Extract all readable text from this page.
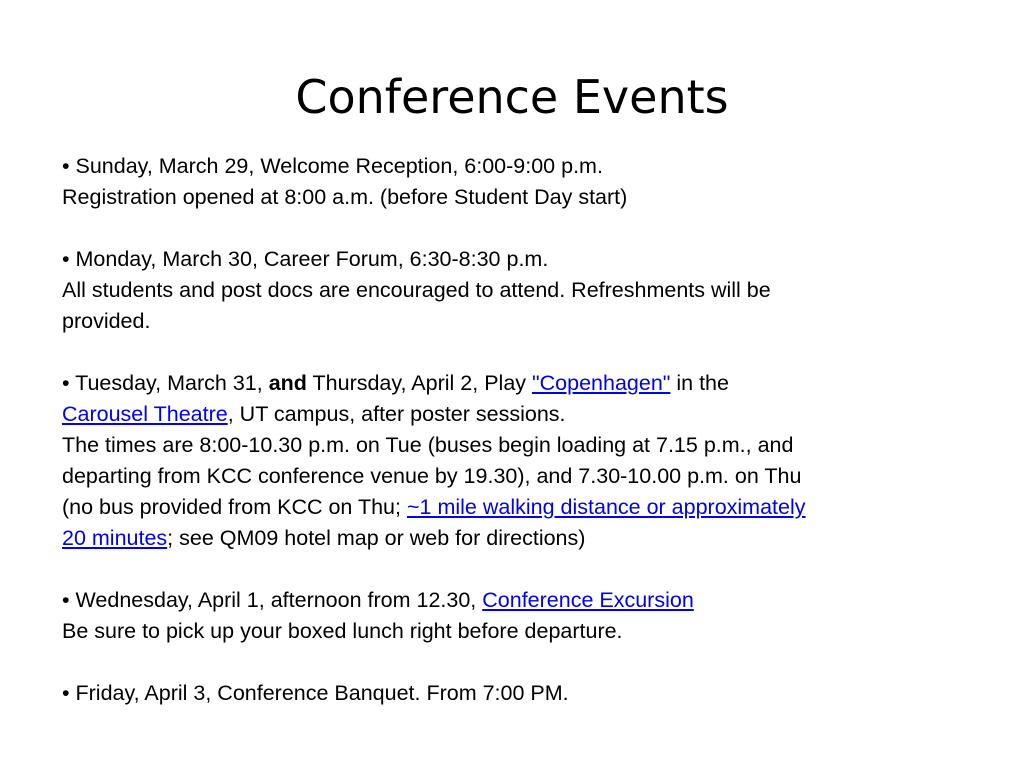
Conference Events
• Sunday, March 29, Welcome Reception, 6:00-9:00 p.m.
Registration opened at 8:00 a.m. (before Student Day start)
• Monday, March 30, Career Forum, 6:30-8:30 p.m.
All students and post docs are encouraged to attend. Refreshments will be
provided.
• Tuesday, March 31, and Thursday, April 2, Play "Copenhagen" in the
Carousel Theatre, UT campus, after poster sessions.
The times are 8:00-10.30 p.m. on Tue (buses begin loading at 7.15 p.m., and
departing from KCC conference venue by 19.30), and 7.30-10.00 p.m. on Thu
(no bus provided from KCC on Thu; ~1 mile walking distance or approximately
20 minutes; see QM09 hotel map or web for directions)
• Wednesday, April 1, afternoon from 12.30, Conference Excursion
Be sure to pick up your boxed lunch right before departure.
• Friday, April 3, Conference Banquet. From 7:00 PM.
